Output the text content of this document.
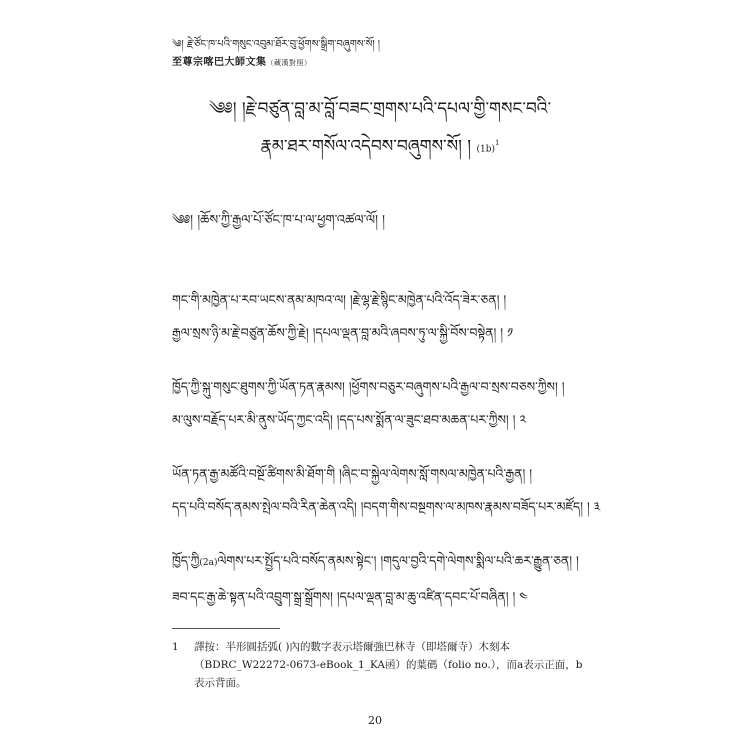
༄། རྗེ་ཙོང་ཁ་པའི་གསུང་འབུམ་ཐོར་བུ་ཕྱོགས་སྒྲིག་བཞུགས་སོ། །
至尊宗喀巴大師文集（藏漢對照）
༄༅། །རྗེ་བཙུན་བླ་མ་བློ་བཟང་གྲགས་པའི་དཔལ་གྱི་གསང་བའི་
རྣམ་ཐར་གསོལ་འདེབས་བཞུགས་སོ། ། $(1b)^1$
༄༅། །ཆོས་ཀྱི་རྒྱལ་པོ་ཙོང་ཁ་པ་ལ་ཕྱག་འཚལ་ལོ། །
གང་གི་མཁྱེན་པ་རབ་ཡངས་ནམ་མཁའ་ལ། །རྗེ་ལྷ་རྗེ་སྙིང་མཁྱེན་པའི་འོད་ཟེར་ཅན། །
རྒྱལ་སྲས་ཉི་མ་རྗེ་བཙུན་ཆོས་ཀྱི་རྗེ། །དཔལ་ལྡན་བླ་མའི་ཞབས་ཏུ་ལ་སྐྱི་བོས་བསྟེན། ། ༡
ཁྱོད་ཀྱི་སྐུ་གསུང་ཐུགས་ཀྱི་ཡོན་ཏན་རྣམས། །ཕྱོགས་བཅུར་བཞུགས་པའི་རྒྱལ་བ་སྲས་བཅས་ཀྱིས། །
མ་ལུས་བརྗོད་པར་མི་ནུས་ཡོད་ཀྱང་འདི། །དད་པས་སྨོན་ལ་ཟུང་ཐབ་མཆན་པར་ཀྱིས། ། ༢
ཡོན་ཏན་རྒྱ་མཚོའི་བསྔོ་ཚིགས་མི་ཐོག་གི །ཞིང་བ་སྐྱེལ་ལེགས་སློ་གསལ་མཁྱེན་པའི་རྒྱན། །
དད་པའི་བསོད་ནམས་སྤེལ་བའི་རིན་ཆེན་འདི། །བདག་གིས་བསྔགས་ལ་མཁས་རྣམས་བཟོད་པར་མཛོད། ། ༣
ཁྱོད་ཀྱི(2a)ལེགས་པར་སྤྱོད་པའི་བསོད་ནམས་སྟེང་། །གདུལ་བྱའི་དགེ་ལེགས་སྨིལ་པའི་ཆར་རྒྱུན་ཅན། །
ཟབ་དང་རྒྱ་ཆེ་སྟན་པའི་འབྲུག་སྒྲ་སྒྲོགས། །དཔལ་ལྡན་བླ་མ་ཆུ་འཛིན་དབང་པོ་བཞིན། ། ༤
1 譯按：半形圓括弧( )內的數字表示塔爾強巴林寺（即塔爾寺）木刻本（BDRC_W22272-0673-eBook_1_KA函）的葉碼（folio no.），而a表示正面，b表示背面。
20
